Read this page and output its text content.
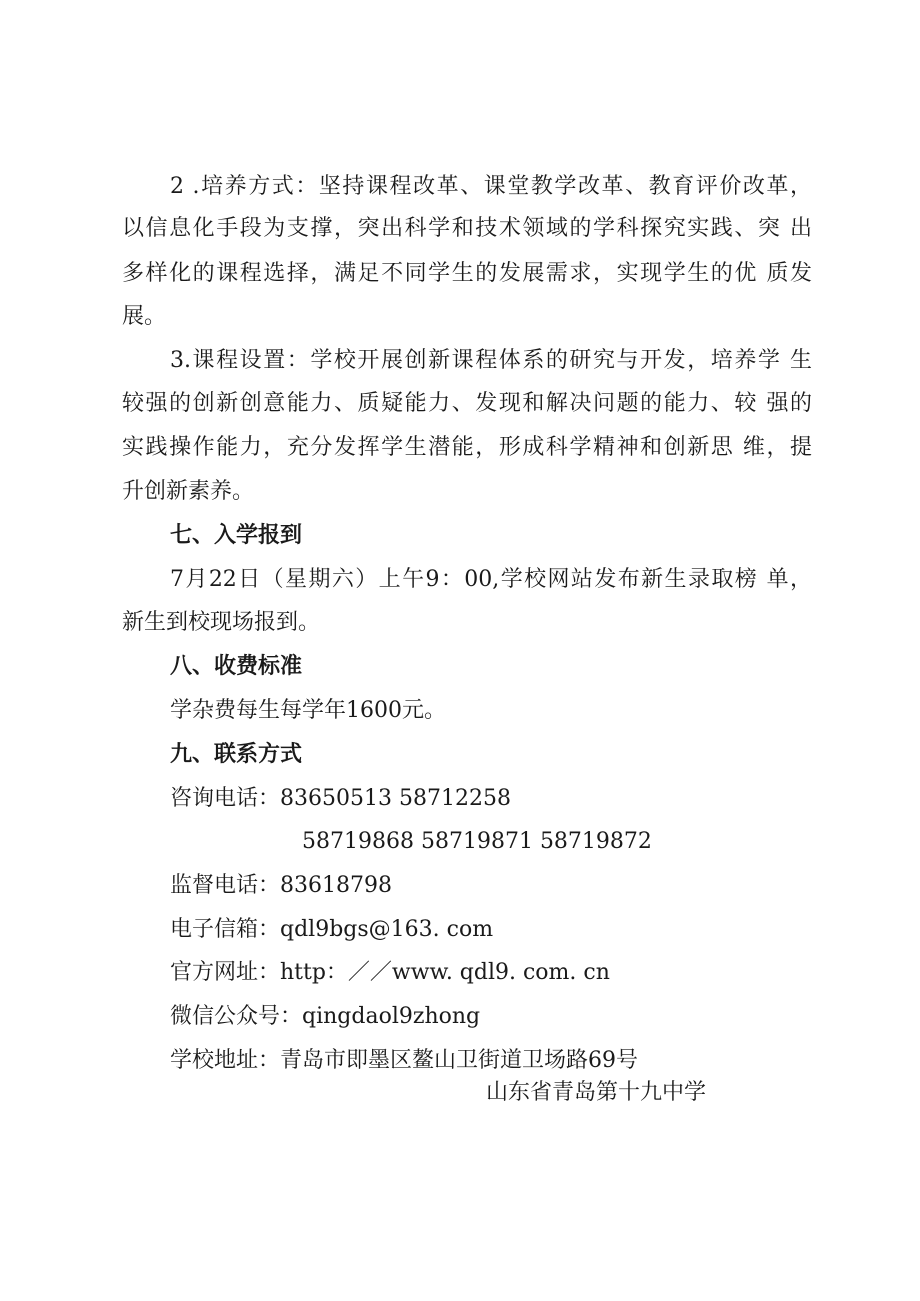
2 .培养方式：坚持课程改革、课堂教学改革、教育评价改革，
以信息化手段为支撑，突出科学和技术领域的学科探究实践、突 出
多样化的课程选择，满足不同学生的发展需求，实现学生的优 质发
展。
3.课程设置：学校开展创新课程体系的研究与开发，培养学 生
较强的创新创意能力、质疑能力、发现和解决问题的能力、较 强的
实践操作能力，充分发挥学生潜能，形成科学精神和创新思 维，提
升创新素养。
七、入学报到
7月22日（星期六）上午9：00,学校网站发布新生录取榜 单，
新生到校现场报到。
八、收费标准
学杂费每生每学年1600元。
九、联系方式
咨询电话：83650513 58712258
58719868 58719871 58719872
监督电话：83618798
电子信箱：qdl9bgs@163. com
官方网址：http：／／www. qdl9. com. cn
微信公众号：qingdaol9zhong
学校地址：青岛市即墨区鳌山卫街道卫场路69号
山东省青岛第十九中学
